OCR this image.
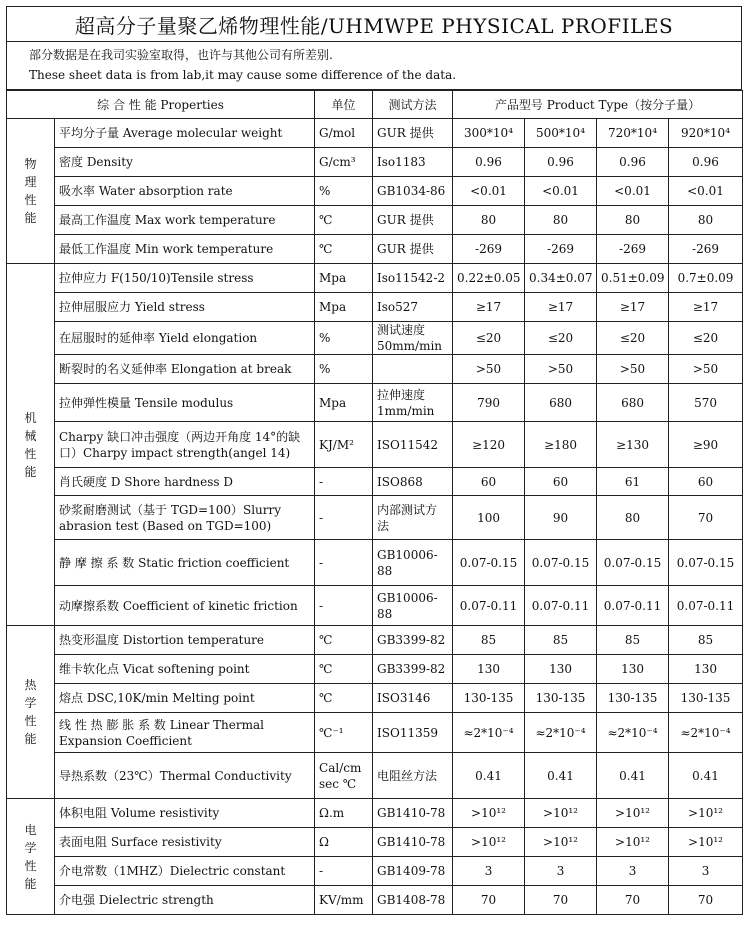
超高分子量聚乙烯物理性能/UHMWPE PHYSICAL PROFILES
部分数据是在我司实验室取得，也许与其他公司有所差别.
These sheet data is from lab,it may cause some difference of the data.
综 合 性 能 Properties		单位	测试方法	产品型号 Product Type（按分子量）			

物理性能	平均分子量 Average molecular weight	G/mol	GUR 提供	300*10⁴	500*10⁴	720*10⁴	920*10⁴
	密度 Density	G/cm³	Iso1183	0.96	0.96	0.96	0.96
	吸水率 Water absorption rate	%	GB1034-86	<0.01	<0.01	<0.01	<0.01
	最高工作温度 Max work temperature	℃	GUR 提供	80	80	80	80
	最低工作温度 Min work temperature	℃	GUR 提供	-269	-269	-269	-269

机械性能	拉伸应力 F(150/10)Tensile stress	Mpa	Iso11542-2	0.22±0.05	0.34±0.07	0.51±0.09	0.7±0.09
	拉伸屈服应力 Yield stress	Mpa	Iso527	≥17	≥17	≥17	≥17
	在屈服时的延伸率 Yield elongation	%	测试速度 50mm/min	≤20	≤20	≤20	≤20
	断裂时的名义延伸率 Elongation at break	%		>50	>50	>50	>50
	拉伸弹性模量 Tensile modulus	Mpa	拉伸速度 1mm/min	790	680	680	570
	Charpy 缺口冲击强度（两边开角度 14°的缺口）Charpy impact strength(angel 14)	KJ/M²	ISO11542	≥120	≥180	≥130	≥90
	肖氏硬度 D Shore hardness D	-	ISO868	60	60	61	60
	砂浆耐磨测试（基于 TGD=100）Slurry abrasion test (Based on TGD=100)	-	内部测试方法	100	90	80	70
	静 摩 擦 系 数 Static friction coefficient	-	GB10006-88	0.07-0.15	0.07-0.15	0.07-0.15	0.07-0.15
	动摩擦系数 Coefficient of kinetic friction	-	GB10006-88	0.07-0.11	0.07-0.11	0.07-0.11	0.07-0.11

热学性能	热变形温度 Distortion temperature	℃	GB3399-82	85	85	85	85
	维卡软化点 Vicat softening point	℃	GB3399-82	130	130	130	130
	熔点 DSC,10K/min Melting point	℃	ISO3146	130-135	130-135	130-135	130-135
	线 性 热 膨 胀 系 数 Linear Thermal Expansion Coefficient	℃⁻¹	ISO11359	≈2*10⁻⁴	≈2*10⁻⁴	≈2*10⁻⁴	≈2*10⁻⁴
	导热系数（23℃）Thermal Conductivity	Cal/cm sec ℃	电阻丝方法	0.41	0.41	0.41	0.41

电学性能	体积电阻 Volume resistivity	Ω.m	GB1410-78	>10¹²	>10¹²	>10¹²	>10¹²
	表面电阻 Surface resistivity	Ω	GB1410-78	>10¹²	>10¹²	>10¹²	>10¹²
	介电常数（1MHZ）Dielectric constant	-	GB1409-78	3	3	3	3
	介电强 Dielectric strength	KV/mm	GB1408-78	70	70	70	70
